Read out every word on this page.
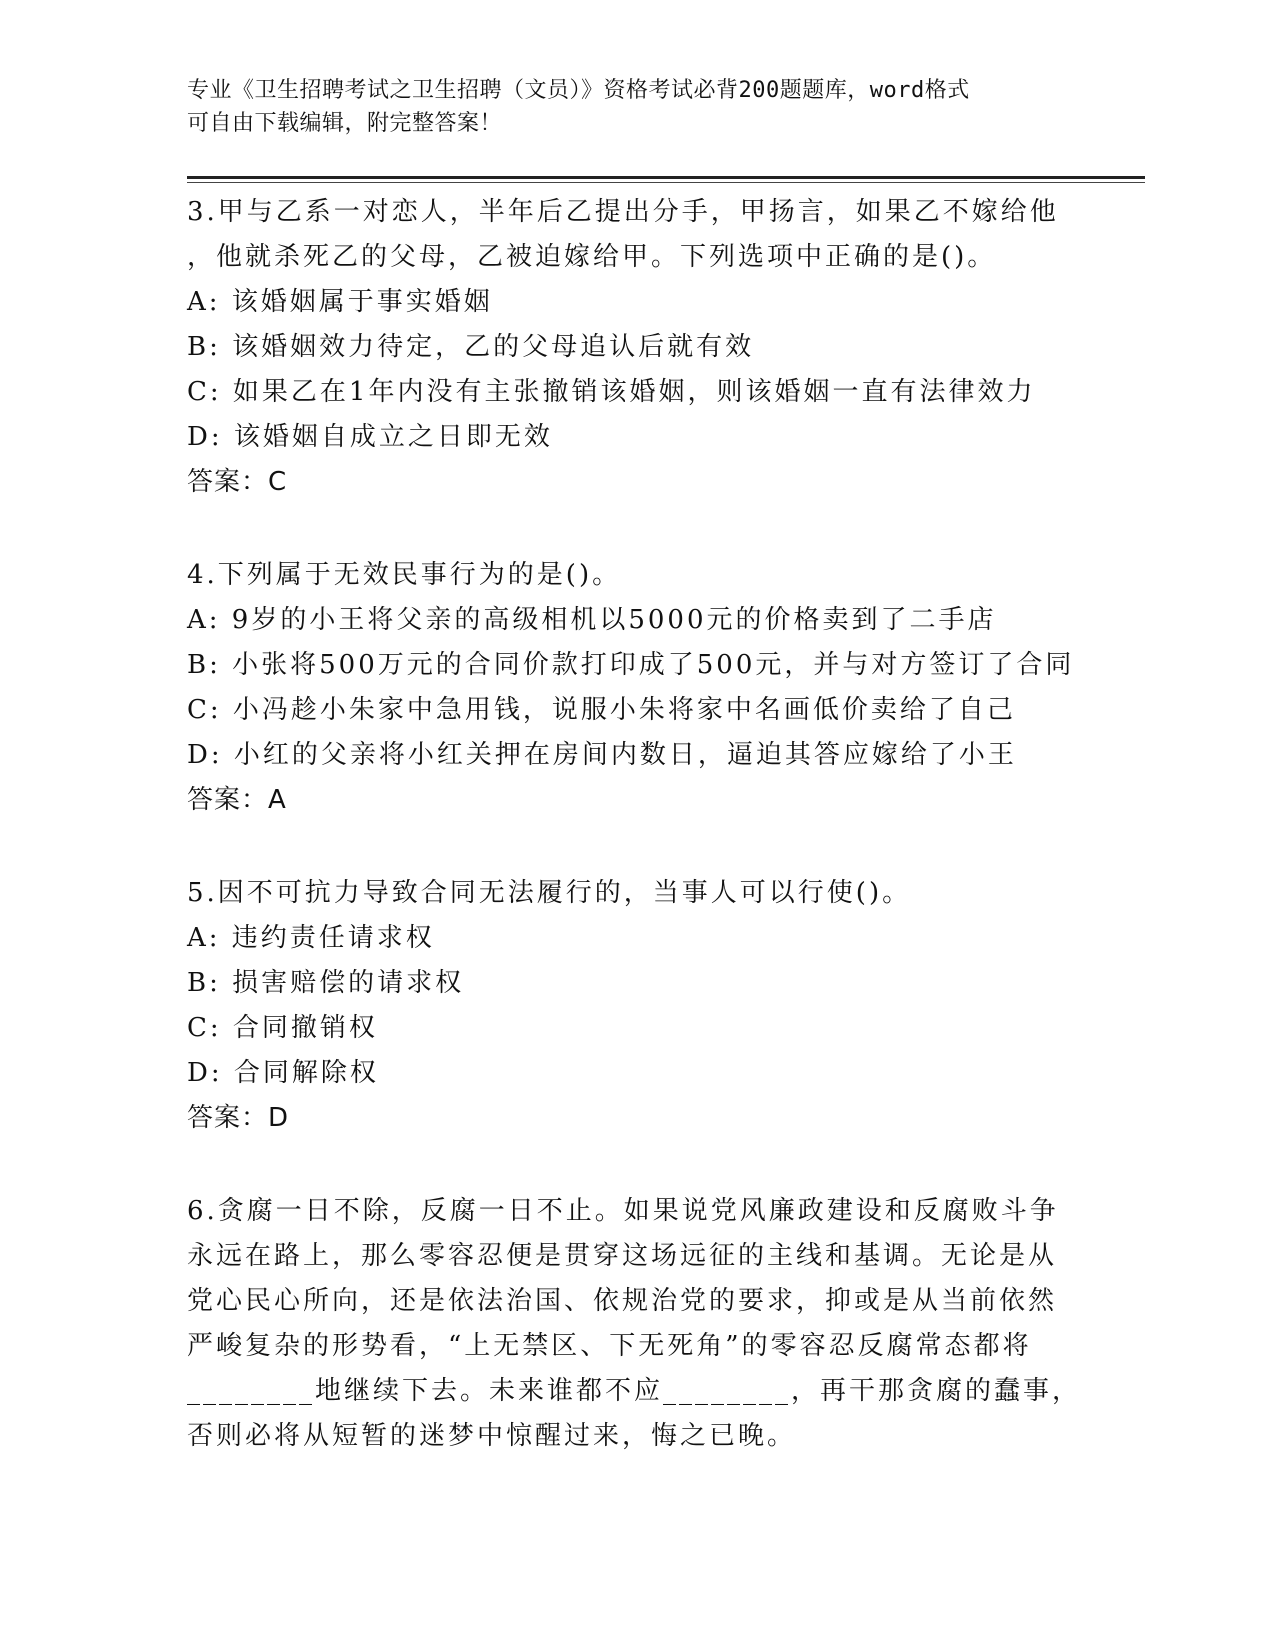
专业《卫生招聘考试之卫生招聘（文员）》资格考试必背200题题库，word格式
可自由下载编辑，附完整答案！

3.甲与乙系一对恋人，半年后乙提出分手，甲扬言，如果乙不嫁给他

，他就杀死乙的父母，乙被迫嫁给甲。下列选项中正确的是()。

A: 该婚姻属于事实婚姻

B: 该婚姻效力待定，乙的父母追认后就有效

C: 如果乙在1年内没有主张撤销该婚姻，则该婚姻一直有法律效力

D: 该婚姻自成立之日即无效

答案：C

4.下列属于无效民事行为的是()。

A: 9岁的小王将父亲的高级相机以5000元的价格卖到了二手店

B: 小张将500万元的合同价款打印成了500元，并与对方签订了合同

C: 小冯趁小朱家中急用钱，说服小朱将家中名画低价卖给了自己

D: 小红的父亲将小红关押在房间内数日，逼迫其答应嫁给了小王

答案：A

5.因不可抗力导致合同无法履行的，当事人可以行使()。

A: 违约责任请求权

B: 损害赔偿的请求权

C: 合同撤销权

D: 合同解除权

答案：D

6.贪腐一日不除，反腐一日不止。如果说党风廉政建设和反腐败斗争

永远在路上，那么零容忍便是贯穿这场远征的主线和基调。无论是从

党心民心所向，还是依法治国、依规治党的要求，抑或是从当前依然

严峻复杂的形势看，“上无禁区、下无死角”的零容忍反腐常态都将

________地继续下去。未来谁都不应________，再干那贪腐的蠢事，

否则必将从短暂的迷梦中惊醒过来，悔之已晚。
